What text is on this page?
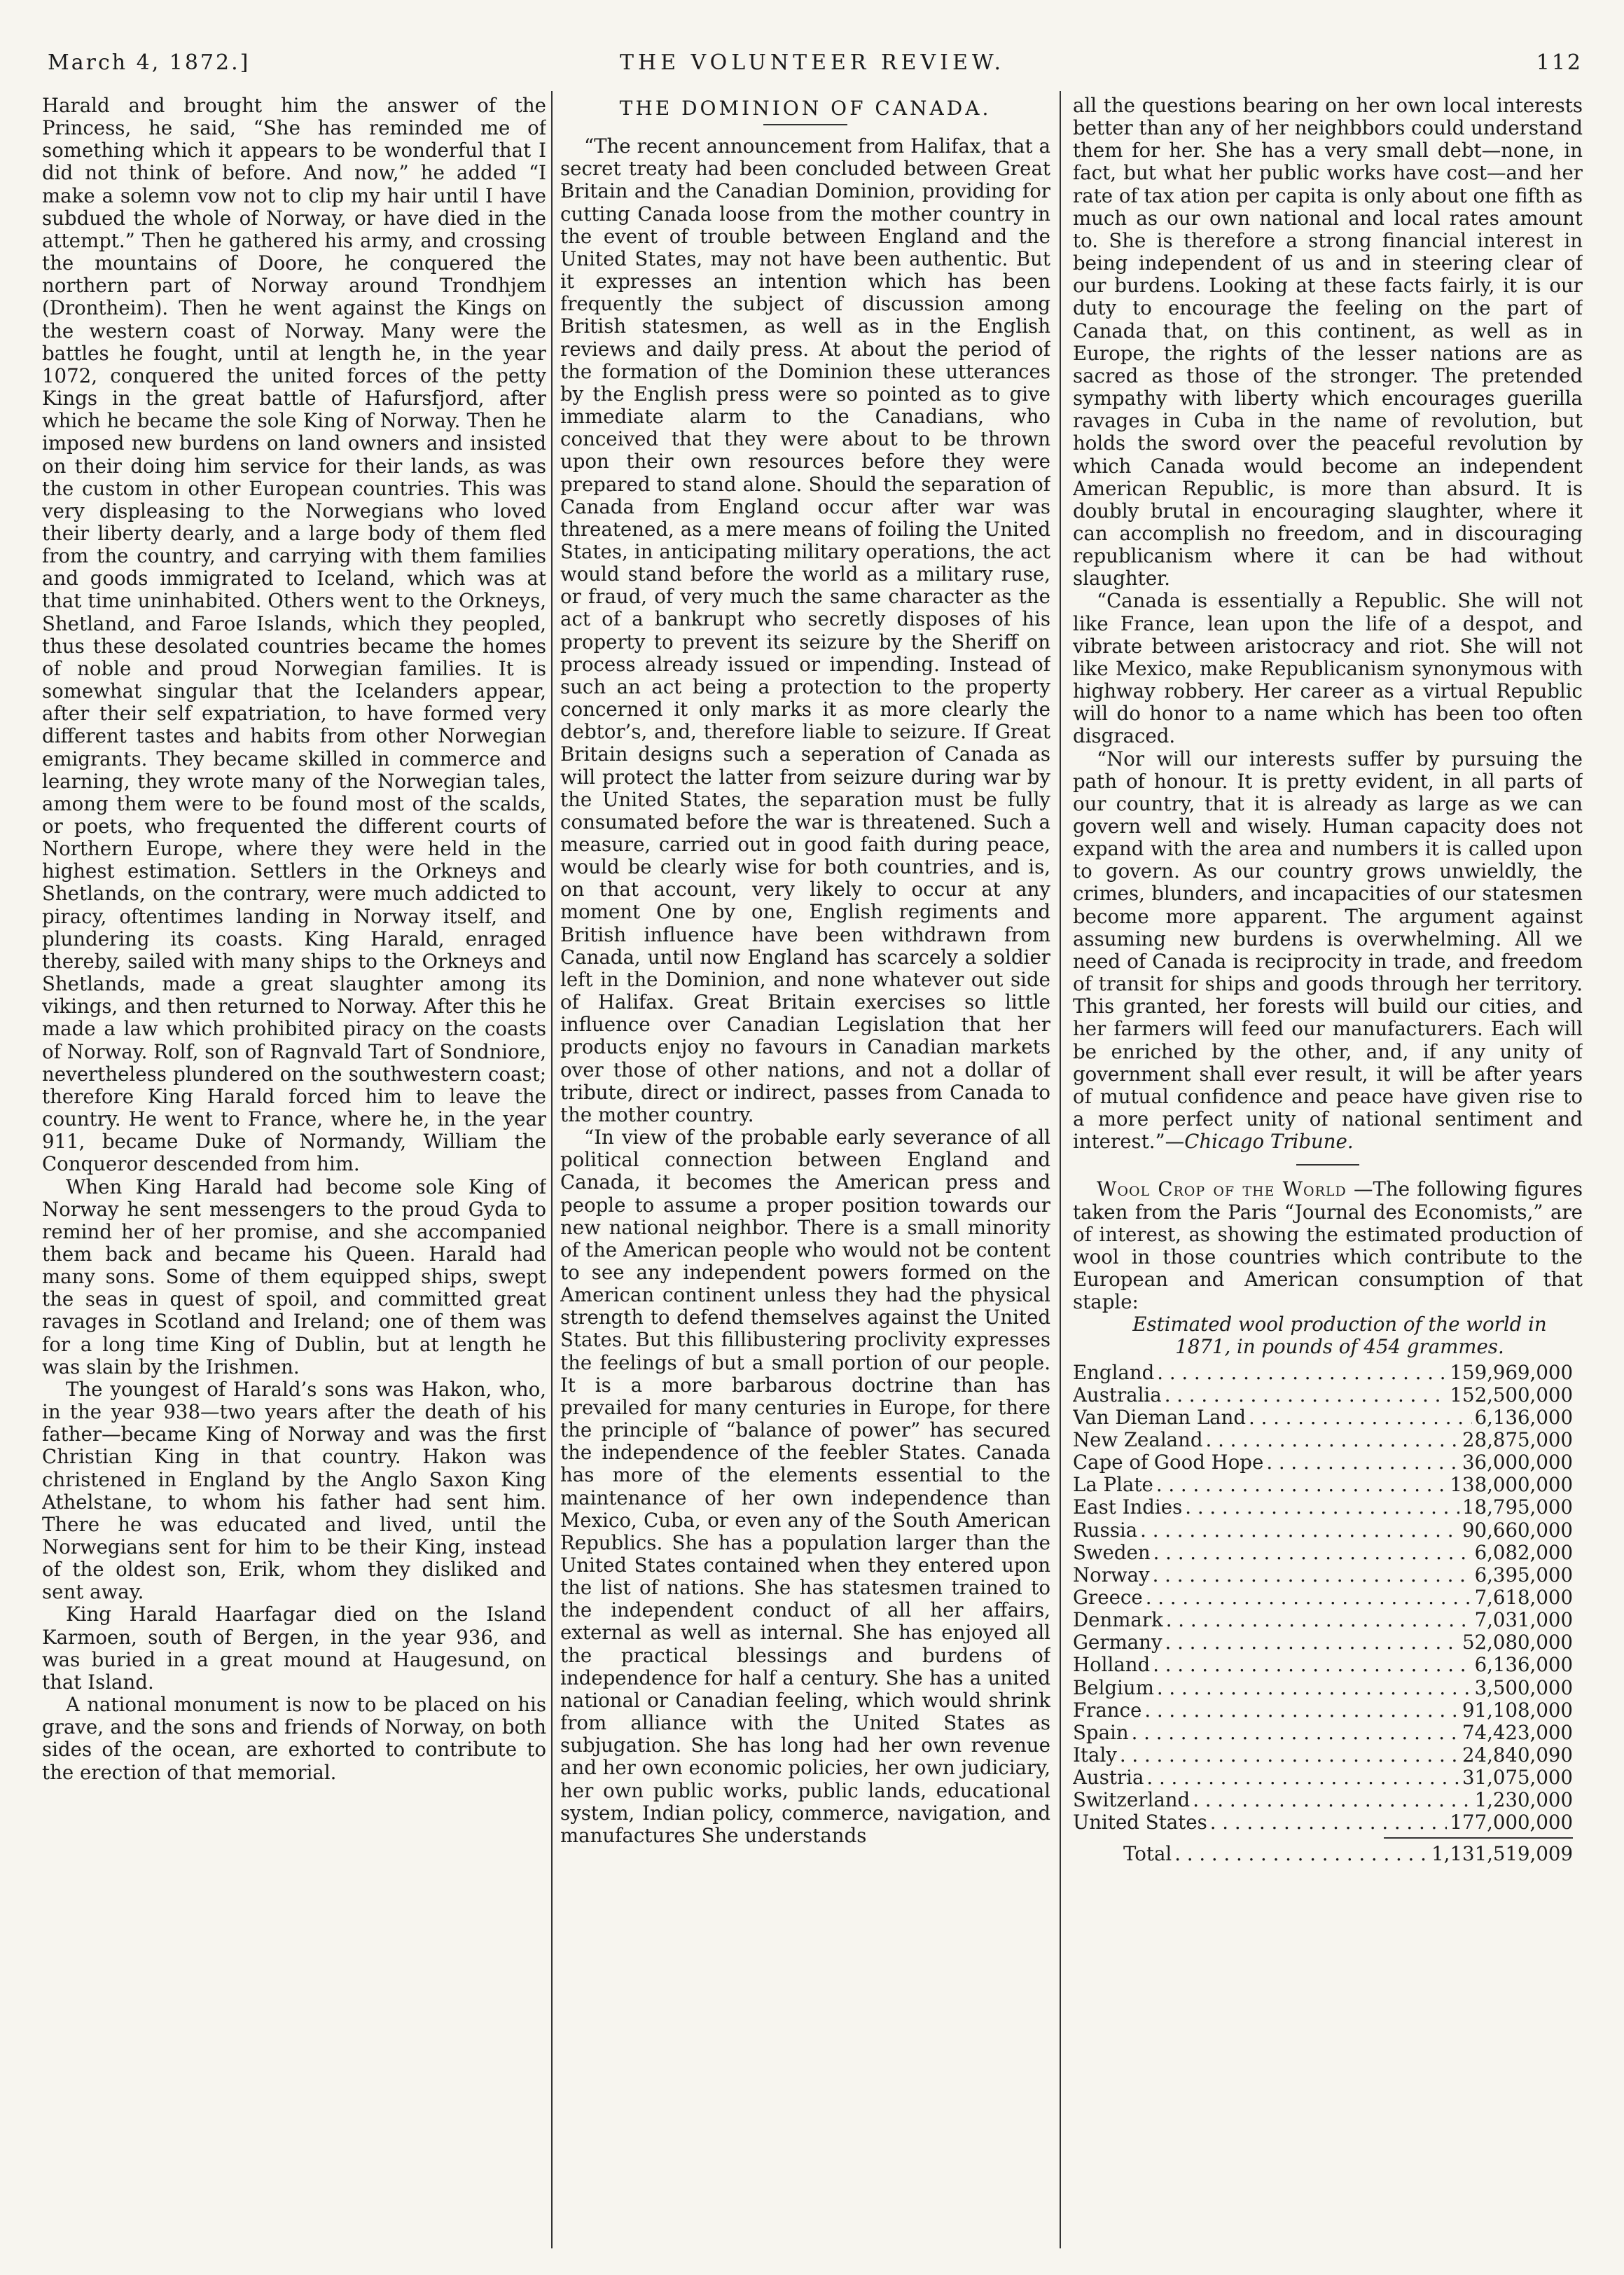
March 4, 1872.]	THE VOLUNTEER REVIEW.	112

Harald and brought him the answer of the Princess, he said, “She has reminded me of something which it appears to be wonderful that I did not think of before. And now,” he added “I make a solemn vow not to clip my hair until I have subdued the whole of Norway, or have died in the attempt.” Then he gathered his army, and crossing the mountains of Doore, he conquered the northern part of Norway around Trondhjem (Drontheim). Then he went against the Kings on the western coast of Norway. Many were the battles he fought, until at length he, in the year 1072, conquered the united forces of the petty Kings in the great battle of Hafursfjord, after which he became the sole King of Norway. Then he imposed new burdens on land owners and insisted on their doing him service for their lands, as was the custom in other European countries. This was very displeasing to the Norwegians who loved their liberty dearly, and a large body of them fled from the country, and carrying with them families and goods immigrated to Iceland, which was at that time uninhabited. Others went to the Orkneys, Shetland, and Faroe Islands, which they peopled, thus these desolated countries became the homes of noble and proud Norwegian families. It is somewhat singular that the Icelanders appear, after their self expatriation, to have formed very different tastes and habits from other Norwegian emigrants. They became skilled in commerce and learning, they wrote many of the Norwegian tales, among them were to be found most of the scalds, or poets, who frequented the different courts of Northern Europe, where they were held in the highest estimation. Settlers in the Orkneys and Shetlands, on the contrary, were much addicted to piracy, oftentimes landing in Norway itself, and plundering its coasts. King Harald, enraged thereby, sailed with many ships to the Orkneys and Shetlands, made a great slaughter among its vikings, and then returned to Norway. After this he made a law which prohibited piracy on the coasts of Norway. Rolf, son of Ragnvald Tart of Sondniore, nevertheless plundered on the southwestern coast; therefore King Harald forced him to leave the country. He went to France, where he, in the year 911, became Duke of Normandy, William the Conqueror descended from him.

When King Harald had become sole King of Norway he sent messengers to the proud Gyda to remind her of her promise, and she accompanied them back and became his Queen. Harald had many sons. Some of them equipped ships, swept the seas in quest of spoil, and committed great ravages in Scotland and Ireland; one of them was for a long time King of Dublin, but at length he was slain by the Irishmen.

The youngest of Harald’s sons was Hakon, who, in the year 938—two years after the death of his father—became King of Norway and was the first Christian King in that country. Hakon was christened in England by the Anglo Saxon King Athelstane, to whom his father had sent him. There he was educated and lived, until the Norwegians sent for him to be their King, instead of the oldest son, Erik, whom they disliked and sent away.

King Harald Haarfagar died on the Island Karmoen, south of Bergen, in the year 936, and was buried in a great mound at Haugesund, on that Island.

A national monument is now to be placed on his grave, and the sons and friends of Norway, on both sides of the ocean, are exhorted to contribute to the erection of that memorial.

THE DOMINION OF CANADA.

“The recent announcement from Halifax, that a secret treaty had been concluded between Great Britain and the Canadian Dominion, providing for cutting Canada loose from the mother country in the event of trouble between England and the United States, may not have been authentic. But it expresses an intention which has been frequently the subject of discussion among British statesmen, as well as in the English reviews and daily press. At about the period of the formation of the Dominion these utterances by the English press were so pointed as to give immediate alarm to the Canadians, who conceived that they were about to be thrown upon their own resources before they were prepared to stand alone. Should the separation of Canada from England occur after war was threatened, as a mere means of foiling the United States, in anticipating military operations, the act would stand before the world as a military ruse, or fraud, of very much the same character as the act of a bankrupt who secretly disposes of his property to prevent its seizure by the Sheriff on process already issued or impending. Instead of such an act being a protection to the property concerned it only marks it as more clearly the debtor’s, and, therefore liable to seizure. If Great Britain designs such a seperation of Canada as will protect the latter from seizure during war by the United States, the separation must be fully consumated before the war is threatened. Such a measure, carried out in good faith during peace, would be clearly wise for both countries, and is, on that account, very likely to occur at any moment One by one, English regiments and British influence have been withdrawn from Canada, until now England has scarcely a soldier left in the Dominion, and none whatever out side of Halifax. Great Britain exercises so little influence over Canadian Legislation that her products enjoy no favours in Canadian markets over those of other nations, and not a dollar of tribute, direct or indirect, passes from Canada to the mother country.

“In view of the probable early severance of all political connection between England and Canada, it becomes the American press and people to assume a proper position towards our new national neighbor. There is a small minority of the American people who would not be content to see any independent powers formed on the American continent unless they had the physical strength to defend themselves against the United States. But this fillibustering proclivity expresses the feelings of but a small portion of our people. It is a more barbarous doctrine than has prevailed for many centuries in Europe, for there the principle of “balance of power” has secured the independence of the feebler States. Canada has more of the elements essential to the maintenance of her own independence than Mexico, Cuba, or even any of the South American Republics. She has a population larger than the United States contained when they entered upon the list of nations. She has statesmen trained to the independent conduct of all her affairs, external as well as internal. She has enjoyed all the practical blessings and burdens of independence for half a century. She has a united national or Canadian feeling, which would shrink from alliance with the United States as subjugation. She has long had her own revenue and her own economic policies, her own judiciary, her own public works, public lands, educational system, Indian policy, commerce, navigation, and manufactures She understands

all the questions bearing on her own local interests better than any of her neighbbors could understand them for her. She has a very small debt—none, in fact, but what her public works have cost—and her rate of tax ation per capita is only about one fifth as much as our own national and local rates amount to. She is therefore a strong financial interest in being independent of us and in steering clear of our burdens. Looking at these facts fairly, it is our duty to encourage the feeling on the part of Canada that, on this continent, as well as in Europe, the rights of the lesser nations are as sacred as those of the stronger. The pretended sympathy with liberty which encourages guerilla ravages in Cuba in the name of revolution, but holds the sword over the peaceful revolution by which Canada would become an independent American Republic, is more than absurd. It is doubly brutal in encouraging slaughter, where it can accomplish no freedom, and in discouraging republicanism where it can be had without slaughter.

“Canada is essentially a Republic. She will not like France, lean upon the life of a despot, and vibrate between aristocracy and riot. She will not like Mexico, make Republicanism synonymous with highway robbery. Her career as a virtual Republic will do honor to a name which has been too often disgraced.

“Nor will our interests suffer by pursuing the path of honour. It is pretty evident, in all parts of our country, that it is already as large as we can govern well and wisely. Human capacity does not expand with the area and numbers it is called upon to govern. As our country grows unwieldly, the crimes, blunders, and incapacities of our statesmen become more apparent. The argument against assuming new burdens is overwhelming. All we need of Canada is reciprocity in trade, and freedom of transit for ships and goods through her territory. This granted, her forests will build our cities, and her farmers will feed our manufacturers. Each will be enriched by the other, and, if any unity of government shall ever result, it will be after years of mutual confidence and peace have given rise to a more perfect unity of national sentiment and interest.”—Chicago Tribune.

Wool Crop of the World —The following figures taken from the Paris “Journal des Economists,” are of interest, as showing the estimated production of wool in those countries which contribute to the European and American consumption of that staple:

Estimated wool production of the world in

1871, in pounds of 454 grammes.

England . . .	159,969,000
Australia . . .	152,500,000
Van Dieman Land . . .	6,136,000
New Zealand . . .	28,875,000
Cape of Good Hope . . .	36,000,000
La Plate . . .	138,000,000
East Indies . . .	18,795,000
Russia . . .	90,660,000
Sweden . . .	6,082,000
Norway . . .	6,395,000
Greece . . .	7,618,000
Denmark . . .	7,031,000
Germany . . .	52,080,000
Holland . . .	6,136,000
Belgium . . .	3,500,000
France . . .	91,108,000
Spain . . .	74,423,000
Italy . . .	24,840,090
Austria . . .	31,075,000
Switzerland . . .	1,230,000
United States . . .	177,000,000
Total . . .	1,131,519,009
